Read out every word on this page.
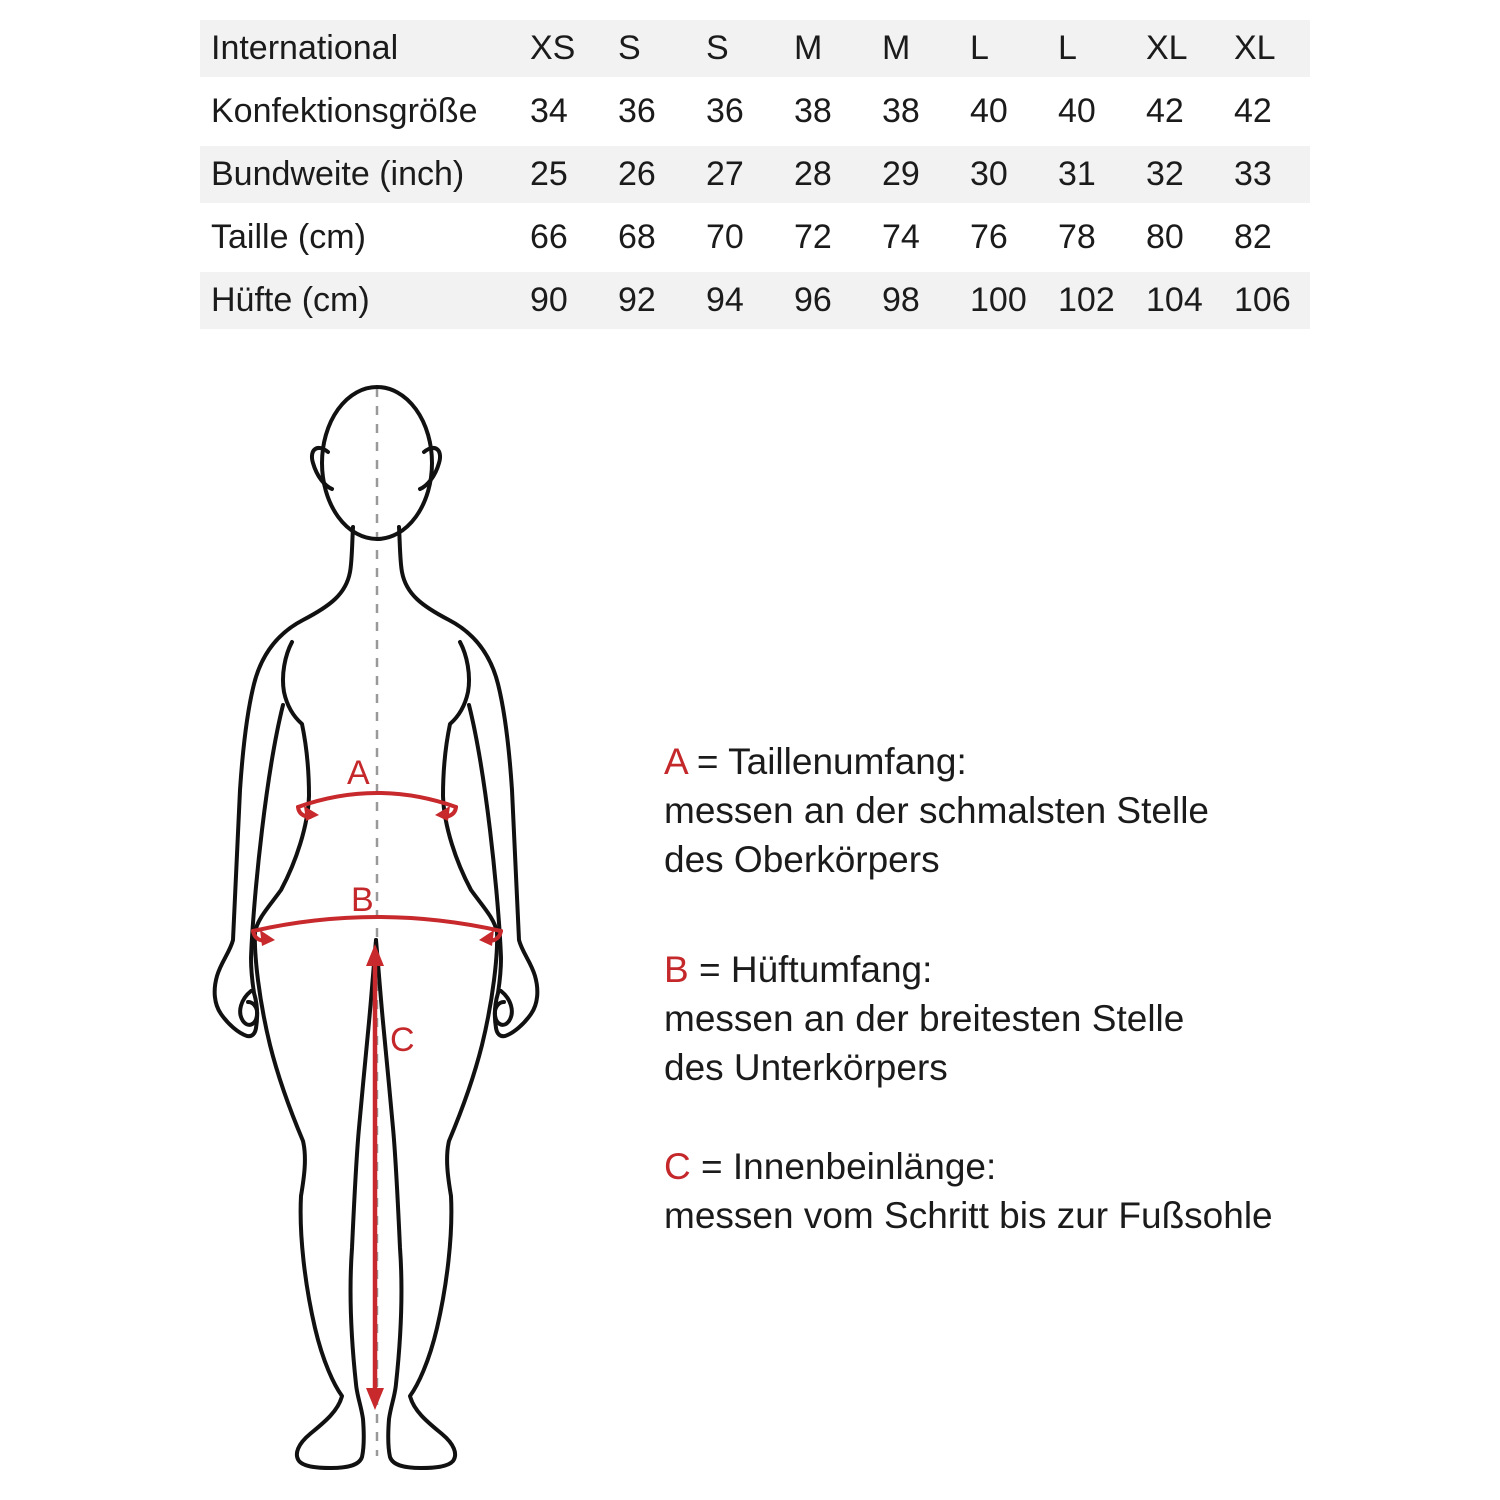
International	XS	S	S	M	M	L	L	XL	XL
Konfektionsgröße	34	36	36	38	38	40	40	42	42
Bundweite (inch)	25	26	27	28	29	30	31	32	33
Taille (cm)	66	68	70	72	74	76	78	80	82
Hüfte (cm)	90	92	94	96	98	100 102 104 106
A
B
C
A = Taillenumfang:
messen an der schmalsten Stelle
des Oberkörpers
B = Hüftumfang:
messen an der breitesten Stelle
des Unterkörpers
C = Innenbeinlänge:
messen vom Schritt bis zur Fußsohle
